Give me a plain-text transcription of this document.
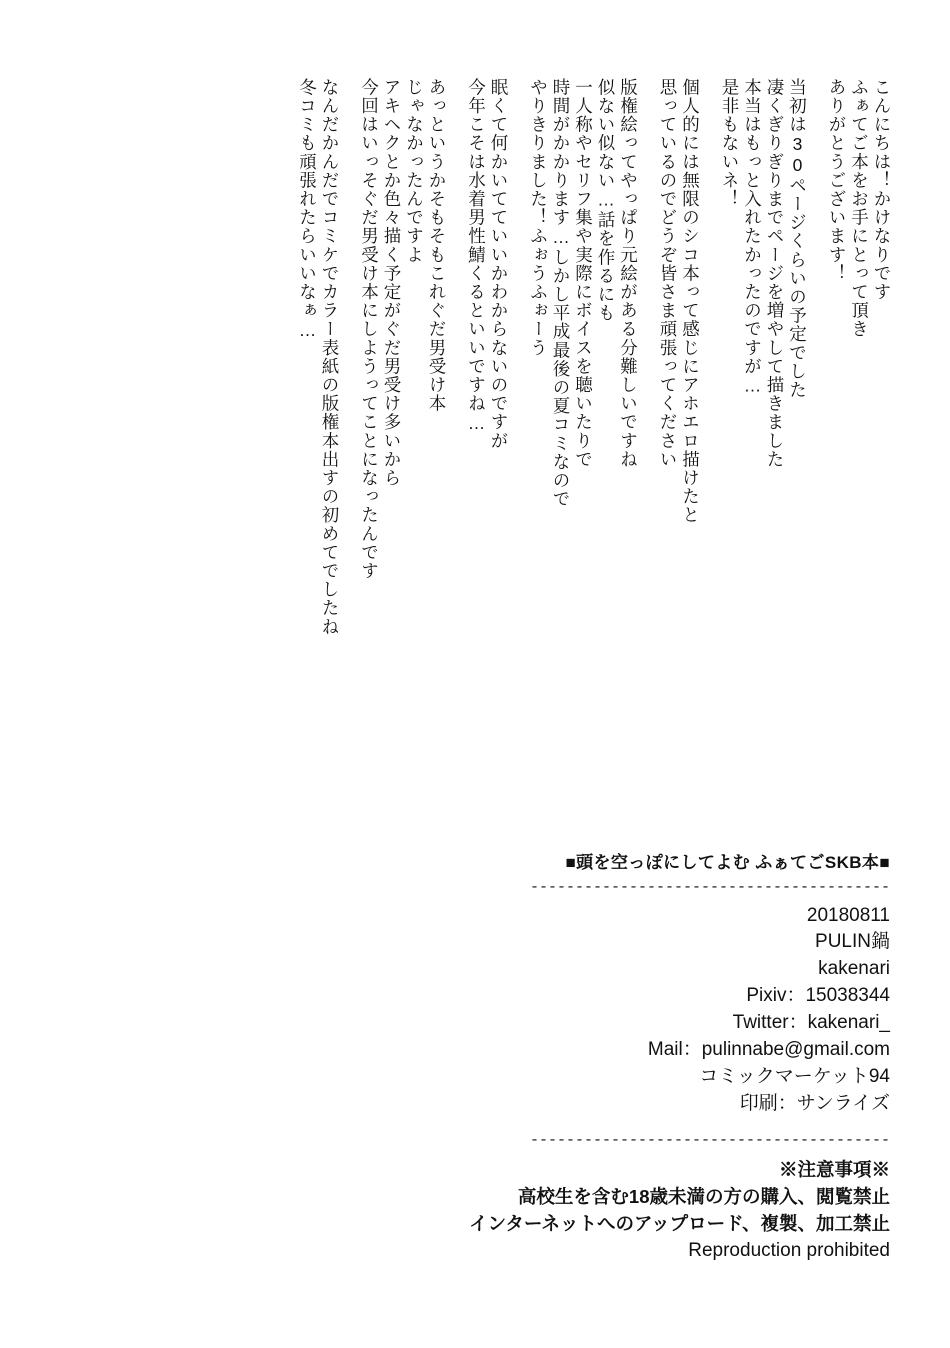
こんにちは！かけなりです
ふぁてご本をお手にとって頂き
ありがとうございます！
当初は30ページくらいの予定でした
凄くぎりぎりまでページを増やして描きました
本当はもっと入れたかったのですが…
是非もないネ！
個人的には無限のシコ本って感じにアホエロ描けたと
思っているのでどうぞ皆さま頑張ってください
版権絵ってやっぱり元絵がある分難しいですね
似ない似ない…話を作るにも
一人称やセリフ集や実際にボイスを聴いたりで
時間がかかります…しかし平成最後の夏コミなので
やりきりました！ふぉうふぉーう
眠くて何かいてていいかわからないのですが
今年こそは水着男性鯖くるといいですね…
あっというかそもそもこれぐだ男受け本
じゃなかったんですよ
アキヘクとか色々描く予定がぐだ男受け多いから
今回はいっそぐだ男受け本にしようってことになったんです
なんだかんだでコミケでカラー表紙の版権本出すの初めてでしたね
冬コミも頑張れたらいいなぁ…
■頭を空っぽにしてよむ ふぁてごSKB本■
----------------------------------------
20180811
PULIN鍋
kakenari
Pixiv：15038344
Twitter：kakenari_
Mail：pulinnabe@gmail.com
コミックマーケット94
印刷：サンライズ
----------------------------------------
※注意事項※
高校生を含む18歳未満の方の購入、閲覧禁止
インターネットへのアップロード、複製、加工禁止
Reproduction prohibited
